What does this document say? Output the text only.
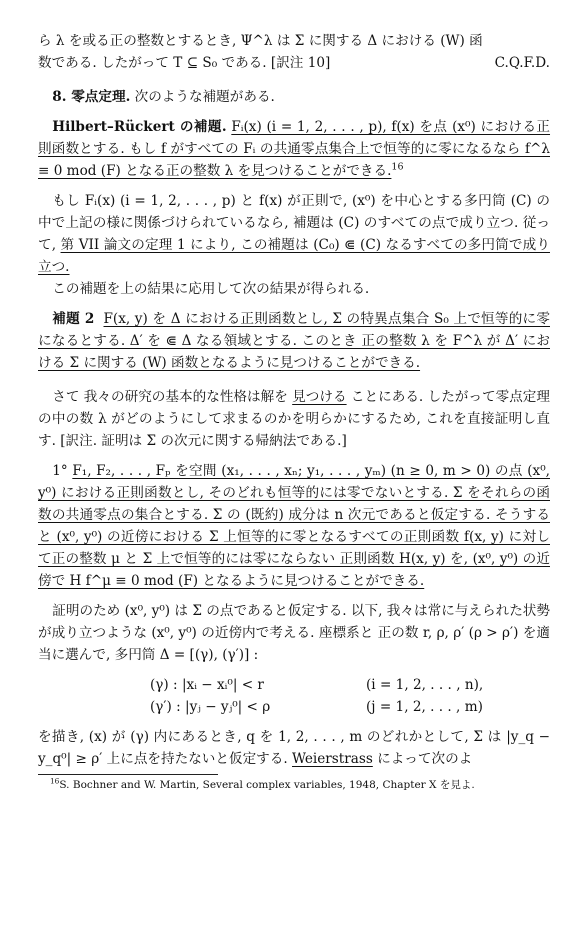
ら λ を或る正の整数とするとき, Ψ^λ は Σ に関する Δ における (W) 函
数である. したがって T ⊆ S₀ である. [訳注 10]	C.Q.F.D.

8. 零点定理. 次のような補題がある.

Hilbert–Rückert の補題. Fᵢ(x) (i = 1, 2, . . . , p), f(x) を点 (x⁰) における正則函数とする. もし f がすべての Fᵢ の共通零点集合上で恒等的に零になるなら f^λ ≡ 0 mod (F) となる正の整数 λ を見つけることができる.$^{16}$

もし Fᵢ(x) (i = 1, 2, . . . , p) と f(x) が正則で, (x⁰) を中心とする多円筒 (C) の中で上記の様に関係づけられているなら, 補題は (C) のすべての点で成り立つ. 従って, 第 VII 論文の定理 1 により, この補題は (C₀) ⋐ (C) なるすべての多円筒で成り立つ.

この補題を上の結果に応用して次の結果が得られる.

補題 2 F(x, y) を Δ における正則函数とし, Σ の特異点集合 S₀ 上で恒等的に零になるとする. Δ′ を ⋐ Δ なる領域とする. このとき 正の整数 λ を F^λ が Δ′ における Σ に関する (W) 函数となるように見つけることができる.

さて 我々の研究の基本的な性格は解を 見つける ことにある. したがって零点定理の中の数 λ がどのようにして求まるのかを明らかにするため, これを直接証明し直す. [訳注. 証明は Σ の次元に関する帰納法である.]

1° F₁, F₂, . . . , Fₚ を空間 (x₁, . . . , xₙ; y₁, . . . , yₘ) (n ≥ 0, m > 0) の点 (x⁰, y⁰) における正則函数とし, そのどれも恒等的には零でないとする. Σ をそれらの函数の共通零点の集合とする. Σ の (既約) 成分は n 次元であると仮定する. そうすると (x⁰, y⁰) の近傍における Σ 上恒等的に零となるすべての正則函数 f(x, y) に対して正の整数 μ と Σ 上で恒等的には零にならない 正則函数 H(x, y) を, (x⁰, y⁰) の近傍で H f^μ ≡ 0 mod (F) となるように見つけることができる.

証明のため (x⁰, y⁰) は Σ の点であると仮定する. 以下, 我々は常に与えられた状勢が成り立つような (x⁰, y⁰) の近傍内で考える. 座標系と 正の数 r, ρ, ρ′ (ρ > ρ′) を適当に選んで, 多円筒 Δ = [(γ), (γ′)] :

(γ) : |xᵢ − xᵢ⁰| < r	(i = 1, 2, . . . , n),
(γ′) : |yⱼ − yⱼ⁰| < ρ	(j = 1, 2, . . . , m)

を描き, (x) が (γ) 内にあるとき, q を 1, 2, . . . , m のどれかとして, Σ は |y_q − y_q⁰| ≥ ρ′ 上に点を持たないと仮定する. Weierstrass によって次のよ

$^{16}$S. Bochner and W. Martin, Several complex variables, 1948, Chapter X を見よ.
